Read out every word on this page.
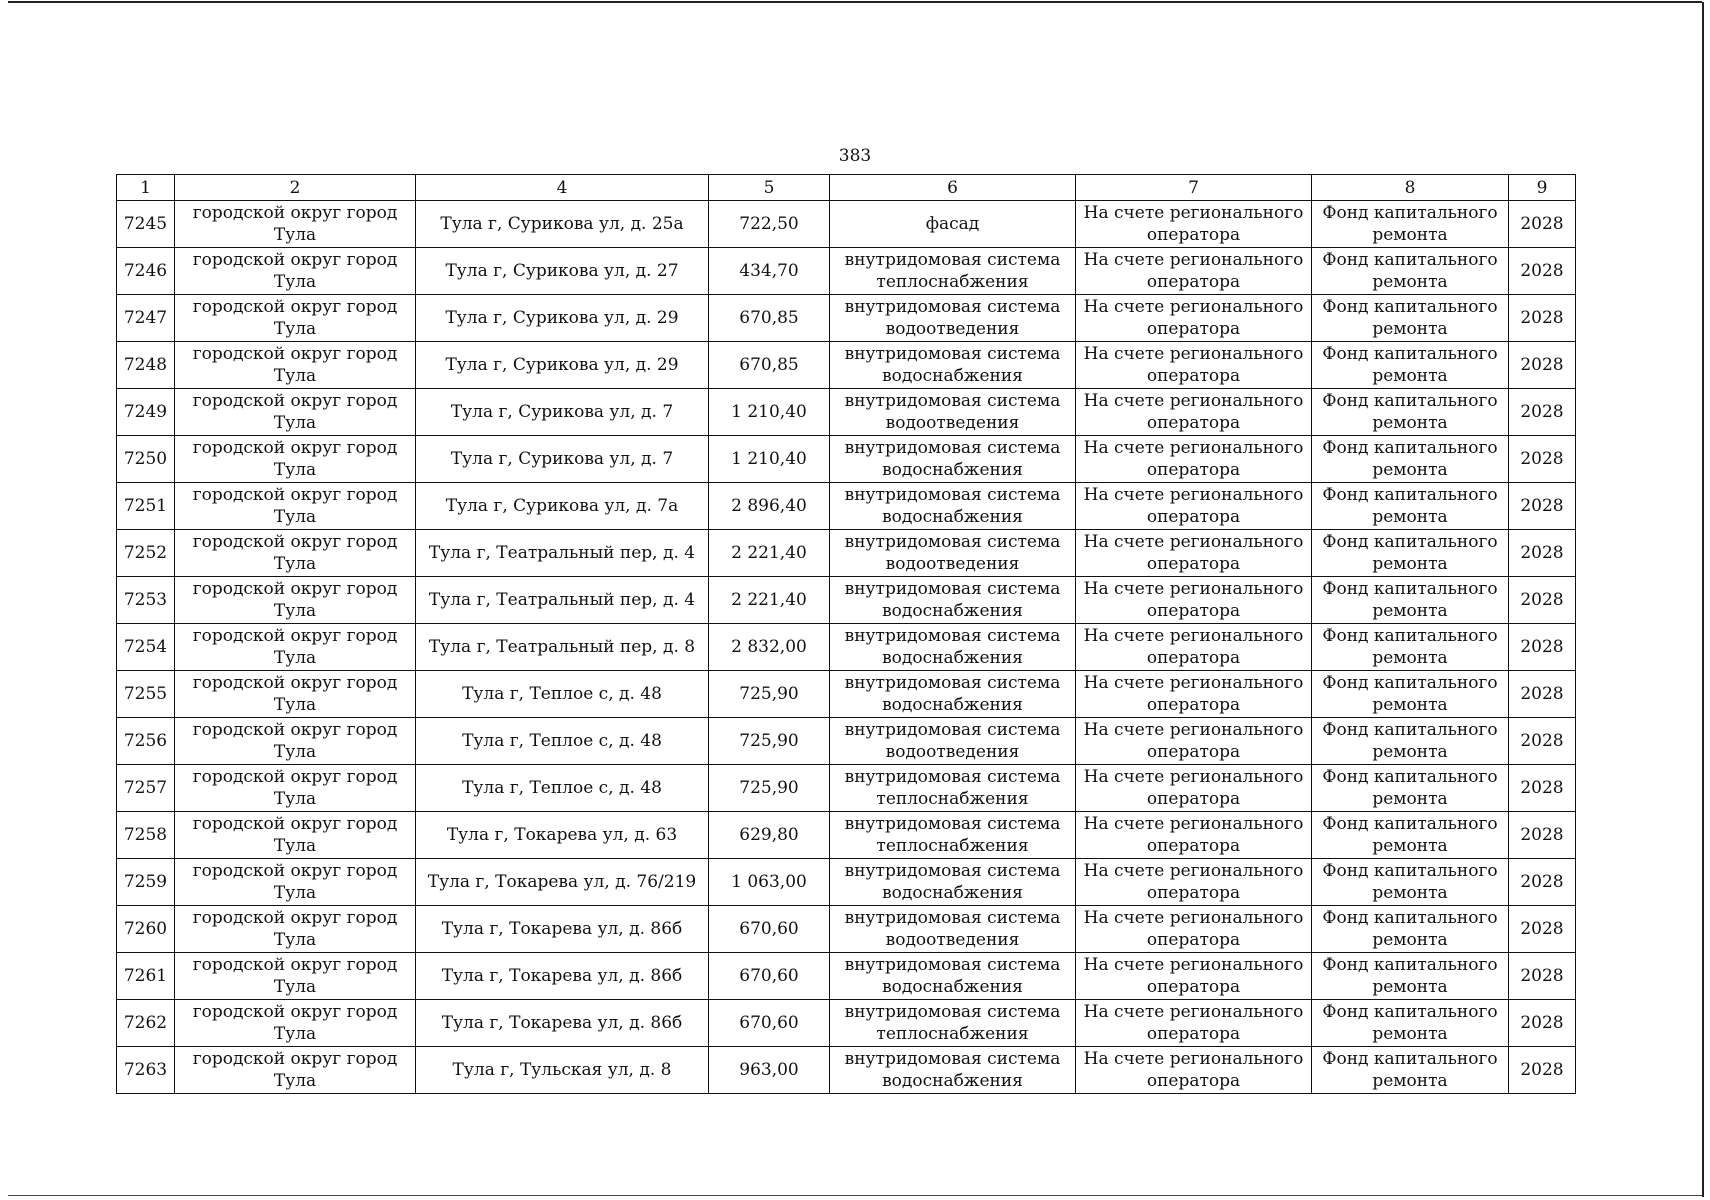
383
1	2	4	5	6	7	8	9
7245	городской округ город Тула	Тула г, Сурикова ул, д. 25а	722,50	фасад	На счете регионального оператора	Фонд капитального ремонта	2028
7246	городской округ город Тула	Тула г, Сурикова ул, д. 27	434,70	внутридомовая система теплоснабжения	На счете регионального оператора	Фонд капитального ремонта	2028
7247	городской округ город Тула	Тула г, Сурикова ул, д. 29	670,85	внутридомовая система водоотведения	На счете регионального оператора	Фонд капитального ремонта	2028
7248	городской округ город Тула	Тула г, Сурикова ул, д. 29	670,85	внутридомовая система водоснабжения	На счете регионального оператора	Фонд капитального ремонта	2028
7249	городской округ город Тула	Тула г, Сурикова ул, д. 7	1 210,40	внутридомовая система водоотведения	На счете регионального оператора	Фонд капитального ремонта	2028
7250	городской округ город Тула	Тула г, Сурикова ул, д. 7	1 210,40	внутридомовая система водоснабжения	На счете регионального оператора	Фонд капитального ремонта	2028
7251	городской округ город Тула	Тула г, Сурикова ул, д. 7а	2 896,40	внутридомовая система водоснабжения	На счете регионального оператора	Фонд капитального ремонта	2028
7252	городской округ город Тула	Тула г, Театральный пер, д. 4	2 221,40	внутридомовая система водоотведения	На счете регионального оператора	Фонд капитального ремонта	2028
7253	городской округ город Тула	Тула г, Театральный пер, д. 4	2 221,40	внутридомовая система водоснабжения	На счете регионального оператора	Фонд капитального ремонта	2028
7254	городской округ город Тула	Тула г, Театральный пер, д. 8	2 832,00	внутридомовая система водоснабжения	На счете регионального оператора	Фонд капитального ремонта	2028
7255	городской округ город Тула	Тула г, Теплое с, д. 48	725,90	внутридомовая система водоснабжения	На счете регионального оператора	Фонд капитального ремонта	2028
7256	городской округ город Тула	Тула г, Теплое с, д. 48	725,90	внутридомовая система водоотведения	На счете регионального оператора	Фонд капитального ремонта	2028
7257	городской округ город Тула	Тула г, Теплое с, д. 48	725,90	внутридомовая система теплоснабжения	На счете регионального оператора	Фонд капитального ремонта	2028
7258	городской округ город Тула	Тула г, Токарева ул, д. 63	629,80	внутридомовая система теплоснабжения	На счете регионального оператора	Фонд капитального ремонта	2028
7259	городской округ город Тула	Тула г, Токарева ул, д. 76/219	1 063,00	внутридомовая система водоснабжения	На счете регионального оператора	Фонд капитального ремонта	2028
7260	городской округ город Тула	Тула г, Токарева ул, д. 86б	670,60	внутридомовая система водоотведения	На счете регионального оператора	Фонд капитального ремонта	2028
7261	городской округ город Тула	Тула г, Токарева ул, д. 86б	670,60	внутридомовая система водоснабжения	На счете регионального оператора	Фонд капитального ремонта	2028
7262	городской округ город Тула	Тула г, Токарева ул, д. 86б	670,60	внутридомовая система теплоснабжения	На счете регионального оператора	Фонд капитального ремонта	2028
7263	городской округ город Тула	Тула г, Тульская ул, д. 8	963,00	внутридомовая система водоснабжения	На счете регионального оператора	Фонд капитального ремонта	2028
